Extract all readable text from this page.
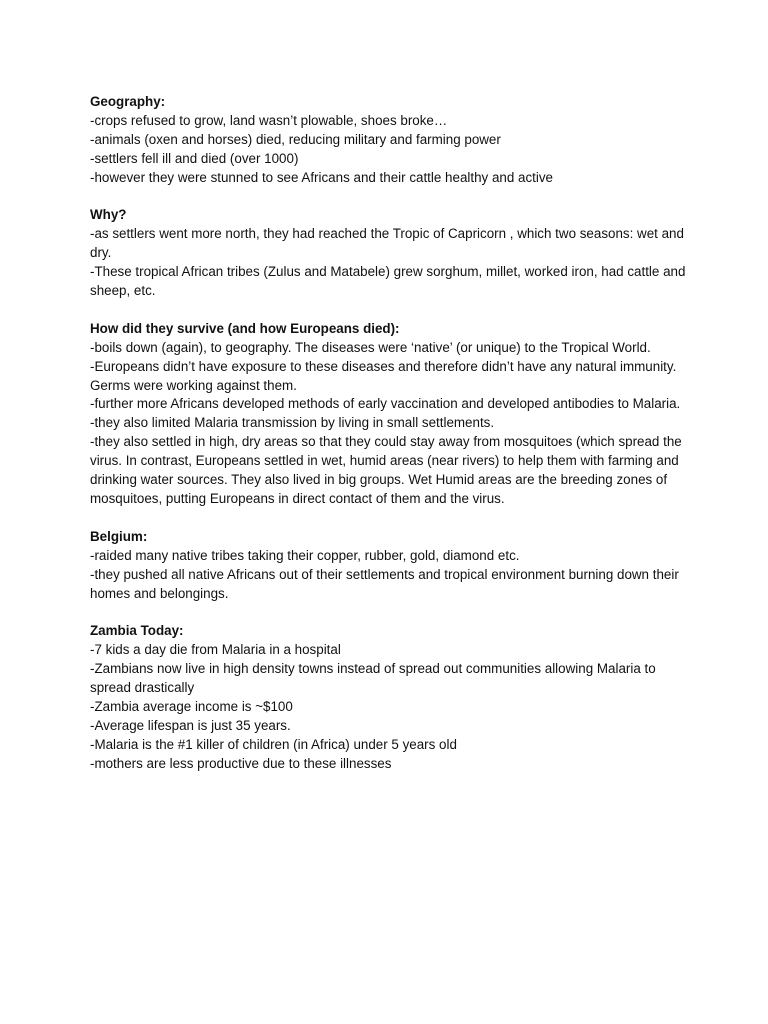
Geography:

-crops refused to grow, land wasn’t plowable, shoes broke…

-animals (oxen and horses) died, reducing military and farming power

-settlers fell ill and died (over 1000)

-however they were stunned to see Africans and their cattle healthy and active

Why?

-as settlers went more north, they had reached the Tropic of Capricorn , which two seasons: wet and dry.

-These tropical African tribes (Zulus and Matabele) grew sorghum, millet, worked iron, had cattle and sheep, etc.

How did they survive (and how Europeans died):

-boils down (again), to geography. The diseases were ‘native’ (or unique) to the Tropical World.

-Europeans didn’t have exposure to these diseases and therefore didn’t have any natural immunity. Germs were working against them.

-further more Africans developed methods of early vaccination and developed antibodies to Malaria.

-they also limited Malaria transmission by living in small settlements.

-they also settled in high, dry areas so that they could stay away from mosquitoes (which spread the virus. In contrast, Europeans settled in wet, humid areas (near rivers) to help them with farming and drinking water sources. They also lived in big groups. Wet Humid areas are the breeding zones of mosquitoes, putting Europeans in direct contact of them and the virus.

Belgium:

-raided many native tribes taking their copper, rubber, gold, diamond etc.

-they pushed all native Africans out of their settlements and tropical environment burning down their homes and belongings.

Zambia Today:

-7 kids a day die from Malaria in a hospital

-Zambians now live in high density towns instead of spread out communities allowing Malaria to spread drastically

-Zambia average income is ~$100

-Average lifespan is just 35 years.

-Malaria is the #1 killer of children (in Africa) under 5 years old

-mothers are less productive due to these illnesses
